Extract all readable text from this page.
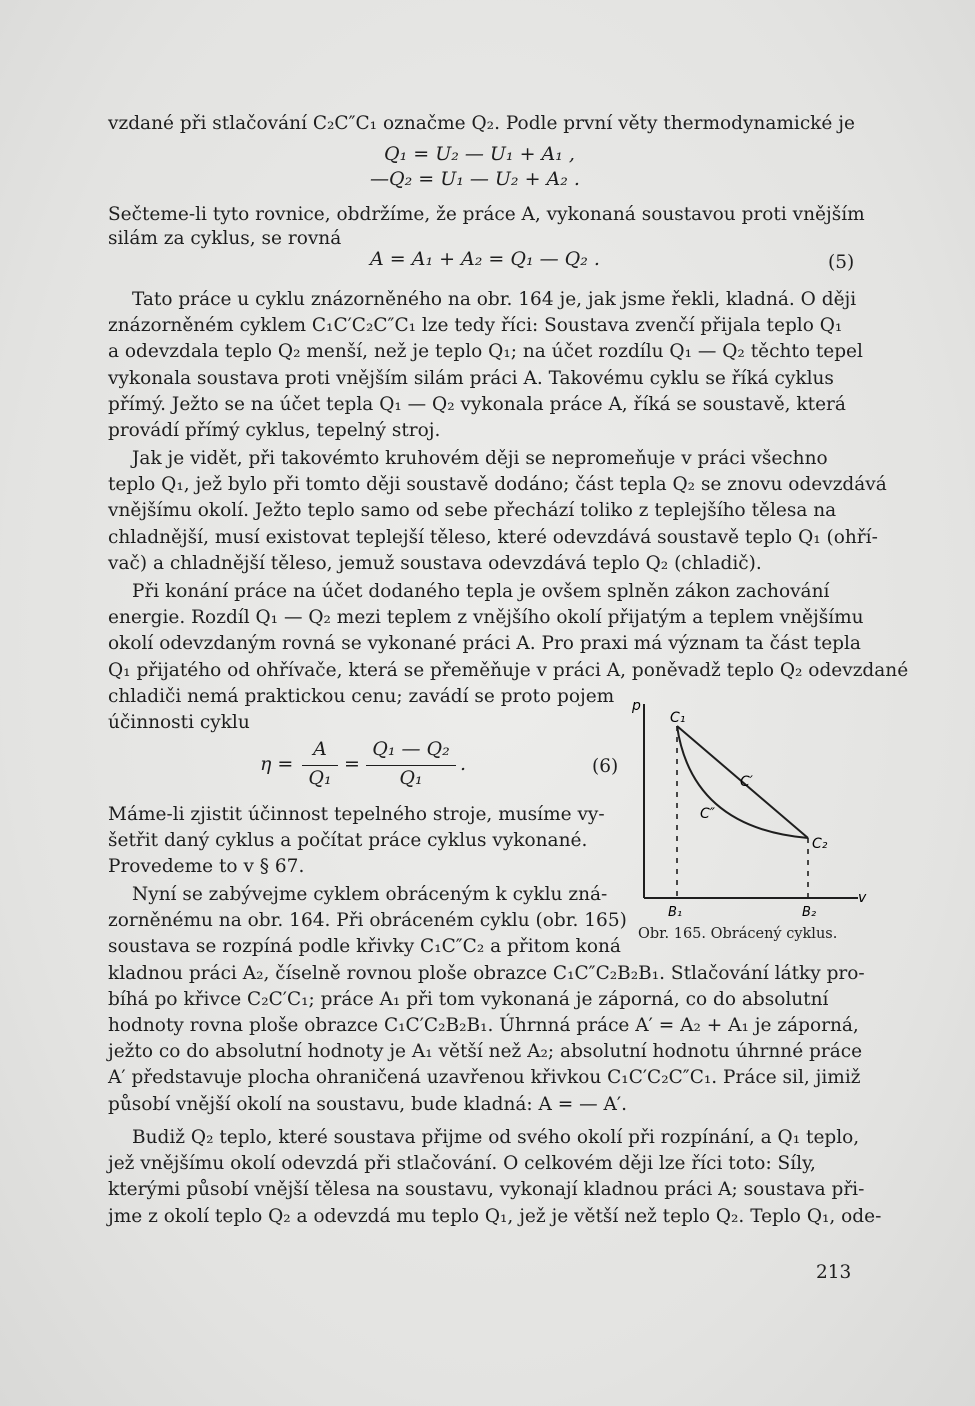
vzdané při stlačování C₂C″C₁ označme Q₂. Podle první věty thermodynamické je
Q₁ = U₂ — U₁ + A₁ ,
—Q₂ = U₁ — U₂ + A₂ .
Sečteme-li tyto rovnice, obdržíme, že práce A, vykonaná soustavou proti vnějším
silám za cyklus, se rovná
A = A₁ + A₂ = Q₁ — Q₂ .	(5)
Tato práce u cyklu znázorněného na obr. 164 je, jak jsme řekli, kladná. O ději
znázorněném cyklem C₁C′C₂C″C₁ lze tedy říci: Soustava zvenčí přijala teplo Q₁
a odevzdala teplo Q₂ menší, než je teplo Q₁; na účet rozdílu Q₁ — Q₂ těchto tepel
vykonala soustava proti vnějším silám práci A. Takovému cyklu se říká cyklus
přímý. Ježto se na účet tepla Q₁ — Q₂ vykonala práce A, říká se soustavě, která
provádí přímý cyklus, tepelný stroj.
Jak je vidět, při takovémto kruhovém ději se nepromeňuje v práci všechno
teplo Q₁, jež bylo při tomto ději soustavě dodáno; část tepla Q₂ se znovu odevzdává
vnějšímu okolí. Ježto teplo samo od sebe přechází toliko z teplejšího tělesa na
chladnější, musí existovat teplejší těleso, které odevzdává soustavě teplo Q₁ (ohří-
vač) a chladnější těleso, jemuž soustava odevzdává teplo Q₂ (chladič).
Při konání práce na účet dodaného tepla je ovšem splněn zákon zachování
energie. Rozdíl Q₁ — Q₂ mezi teplem z vnějšího okolí přijatým a teplem vnějšímu
okolí odevzdaným rovná se vykonané práci A. Pro praxi má význam ta část tepla
Q₁ přijatého od ohřívače, která se přeměňuje v práci A, poněvadž teplo Q₂ odevzdané
chladiči nemá praktickou cenu; zavádí se proto pojem
účinnosti cyklu
η =
A
Q₁
=
Q₁ — Q₂
Q₁
.	(6)
Máme-li zjistit účinnost tepelného stroje, musíme vy-
šetřit daný cyklus a počítat práce cyklus vykonané.
Provedeme to v § 67.
Nyní se zabývejme cyklem obráceným k cyklu zná-
zorněnému na obr. 164. Při obráceném cyklu (obr. 165)
soustava se rozpíná podle křivky C₁C″C₂ a přitom koná
kladnou práci A₂, číselně rovnou ploše obrazce C₁C″C₂B₂B₁. Stlačování látky pro-
bíhá po křivce C₂C′C₁; práce A₁ při tom vykonaná je záporná, co do absolutní
hodnoty rovna ploše obrazce C₁C′C₂B₂B₁. Úhrnná práce A′ = A₂ + A₁ je záporná,
ježto co do absolutní hodnoty je A₁ větší než A₂; absolutní hodnotu úhrnné práce
A′ představuje plocha ohraničená uzavřenou křivkou C₁C′C₂C″C₁. Práce sil, jimiž
působí vnější okolí na soustavu, bude kladná: A = — A′.
Budiž Q₂ teplo, které soustava přijme od svého okolí při rozpínání, a Q₁ teplo,
jež vnějšímu okolí odevzdá při stlačování. O celkovém ději lze říci toto: Síly,
kterými působí vnější tělesa na soustavu, vykonají kladnou práci A; soustava při-
jme z okolí teplo Q₂ a odevzdá mu teplo Q₁, jež je větší než teplo Q₂. Teplo Q₁, ode-
p
v
C₁
C′
C″
C₂
B₁	B₂
Obr. 165. Obrácený cyklus.
213
